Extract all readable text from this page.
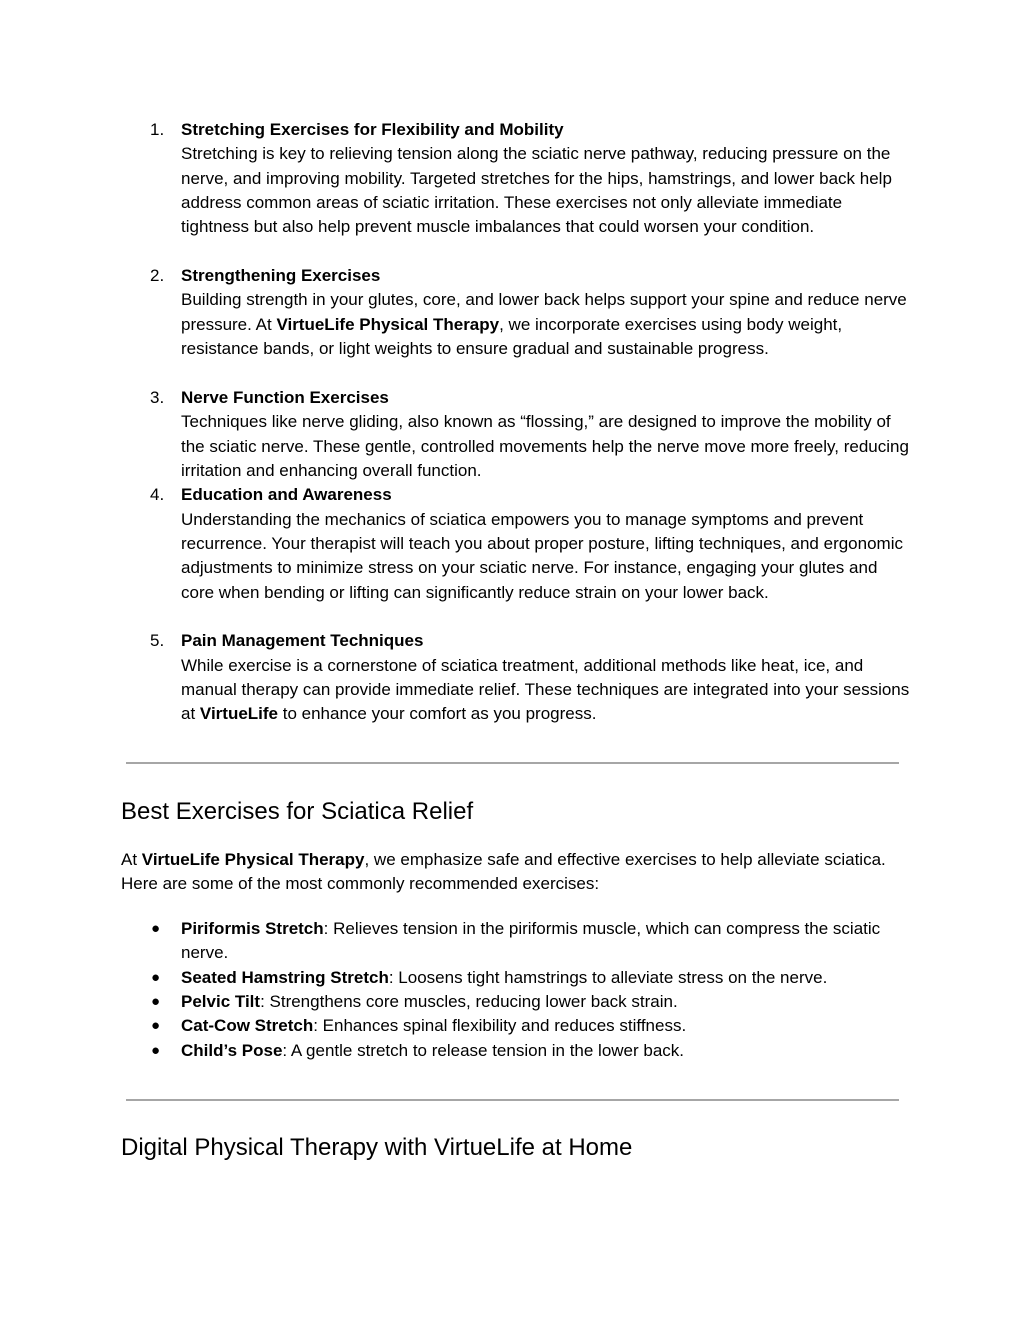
1. Stretching Exercises for Flexibility and Mobility
Stretching is key to relieving tension along the sciatic nerve pathway, reducing pressure on the nerve, and improving mobility. Targeted stretches for the hips, hamstrings, and lower back help address common areas of sciatic irritation. These exercises not only alleviate immediate tightness but also help prevent muscle imbalances that could worsen your condition.
2. Strengthening Exercises
Building strength in your glutes, core, and lower back helps support your spine and reduce nerve pressure. At VirtueLife Physical Therapy, we incorporate exercises using body weight, resistance bands, or light weights to ensure gradual and sustainable progress.
3. Nerve Function Exercises
Techniques like nerve gliding, also known as “flossing,” are designed to improve the mobility of the sciatic nerve. These gentle, controlled movements help the nerve move more freely, reducing irritation and enhancing overall function.
4. Education and Awareness
Understanding the mechanics of sciatica empowers you to manage symptoms and prevent recurrence. Your therapist will teach you about proper posture, lifting techniques, and ergonomic adjustments to minimize stress on your sciatic nerve. For instance, engaging your glutes and core when bending or lifting can significantly reduce strain on your lower back.
5. Pain Management Techniques
While exercise is a cornerstone of sciatica treatment, additional methods like heat, ice, and manual therapy can provide immediate relief. These techniques are integrated into your sessions at VirtueLife to enhance your comfort as you progress.
Best Exercises for Sciatica Relief

At VirtueLife Physical Therapy, we emphasize safe and effective exercises to help alleviate sciatica. Here are some of the most commonly recommended exercises:

● Piriformis Stretch: Relieves tension in the piriformis muscle, which can compress the sciatic nerve.
● Seated Hamstring Stretch: Loosens tight hamstrings to alleviate stress on the nerve.
● Pelvic Tilt: Strengthens core muscles, reducing lower back strain.
● Cat-Cow Stretch: Enhances spinal flexibility and reduces stiffness.
● Child’s Pose: A gentle stretch to release tension in the lower back.
Digital Physical Therapy with VirtueLife at Home
